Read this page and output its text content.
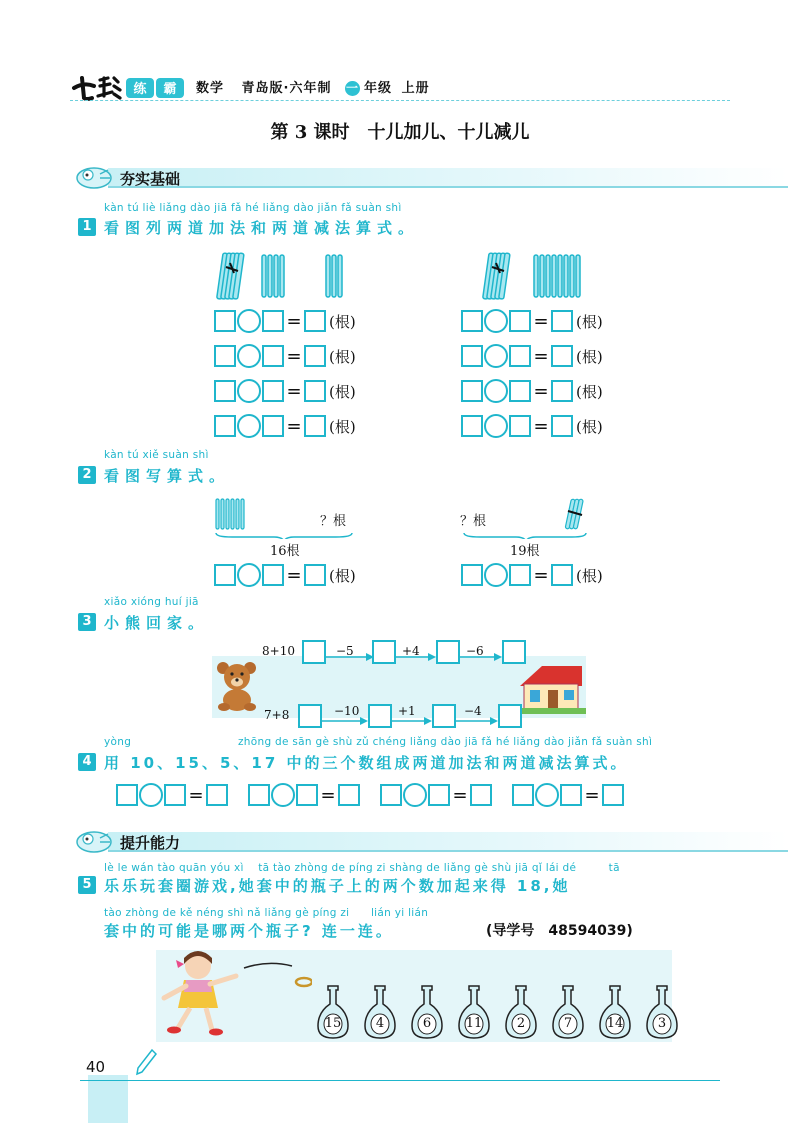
练 霸 数学 青岛版·六年制 一 年级 上册
第 3 课时　十儿加儿、十儿减儿
夯实基础
kàn tú liè liǎng dào jiā fǎ hé liǎng dào jiǎn fǎ suàn shì
1 看图列两道加法和两道减法算式。
= (根)
= (根)
= (根)
= (根)
= (根)
= (根)
= (根)
= (根)
kàn tú xiě suàn shì
2 看图写算式。
？根
16根
？根
19根
= (根)	= (根)
xiǎo xióng huí jiā
3 小熊回家。
8+10	−5	+4	−6
7+8	−10	+1	−4
yòng	zhōng de sān gè shù zǔ chéng liǎng dào jiā fǎ hé liǎng dào jiǎn fǎ suàn shì
4 用 10、15、5、17 中的三个数组成两道加法和两道减法算式。
=	=	=	=
提升能力
lè le wán tào quān yóu xì　 tā tào zhòng de píng zi shàng de liǎng gè shù jiā qǐ lái dé　　　tā
5 乐乐玩套圈游戏,她套中的瓶子上的两个数加起来得 18,她
tào zhòng de kě néng shì nǎ liǎng gè píng zi　　lián yi lián
套中的可能是哪两个瓶子? 连一连。	(导学号　48594039)
15	4	6	11	2	7	14	3
40
